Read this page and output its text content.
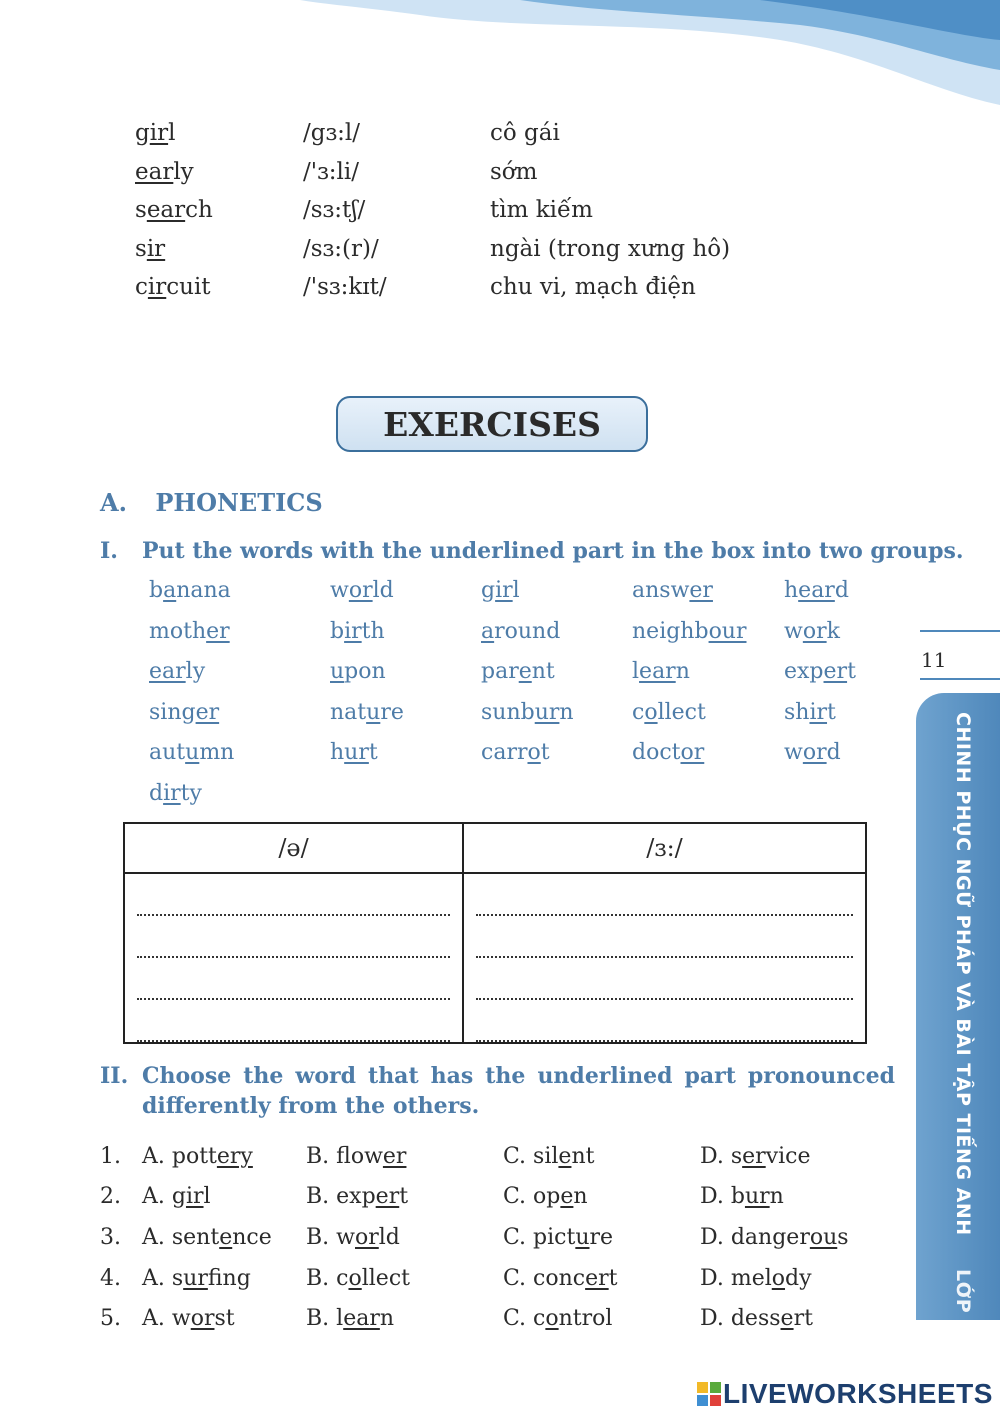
girl	/gɜ:l/	cô gái
early	/'ɜ:li/	sớm
search	/sɜ:tʃ/	tìm kiếm
sir	/sɜ:(r)/	ngài (trong xưng hô)
circuit	/'sɜ:kɪt/	chu vi, mạch điện
EXERCISES
A. PHONETICS
I. Put the words with the underlined part in the box into two groups.
banana	world	girl	answer	heard
mother	birth	around	neighbour	work
early	upon	parent	learn	expert
singer	nature	sunburn	collect	shirt
autumn	hurt	carrot	doctor	word
dirty
/ə/	/ɜ:/

II. Choose the word that has the underlined part pronounced
differently from the others.
1. A. pottery	B. flower	C. silent	D. service
2. A. girl	B. expert	C. open	D. burn
3. A. sentence	B. world	C. picture	D. dangerous
4. A. surfing	B. collect	C. concert	D. melody
5. A. worst	B. learn	C. control	D. dessert
11
CHINH PHỤC NGỮ PHÁP VÀ BÀI TẬP TIẾNG ANH LỚP 7 - TẬP 1
LIVEWORKSHEETS
